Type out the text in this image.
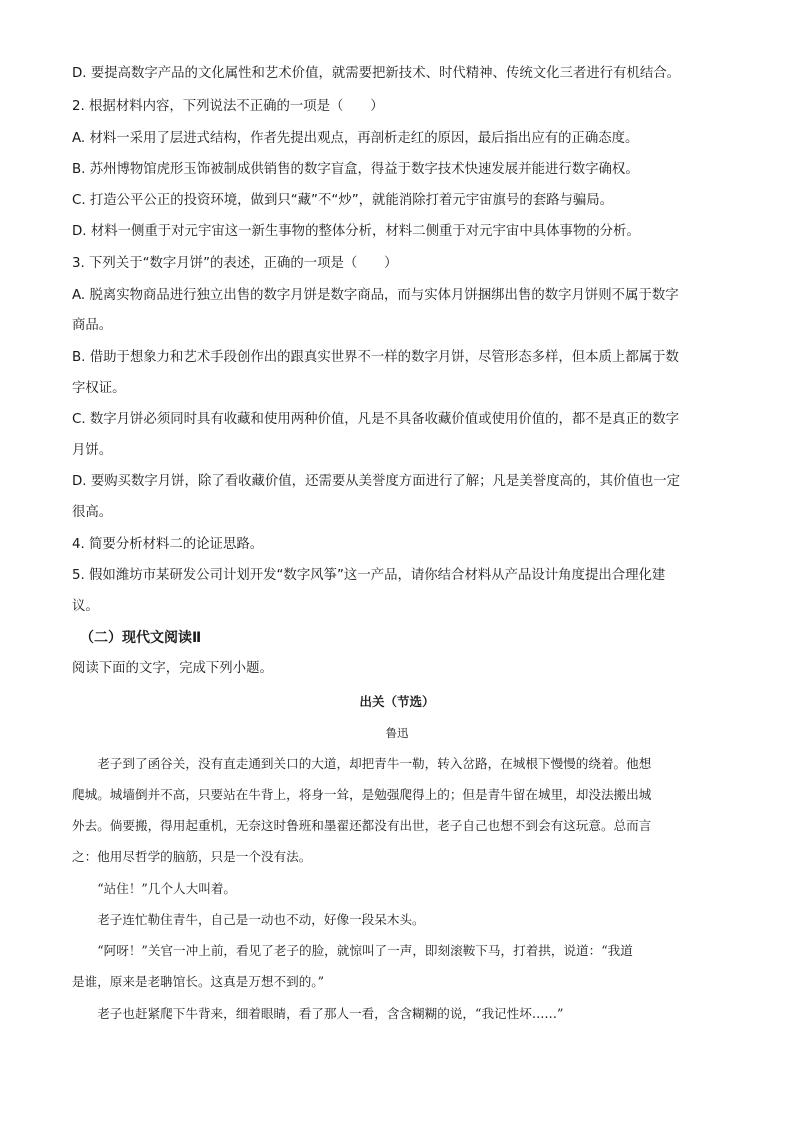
D. 要提高数字产品的文化属性和艺术价值，就需要把新技术、时代精神、传统文化三者进行有机结合。
2. 根据材料内容，下列说法不正确的一项是（　　）
A. 材料一采用了层进式结构，作者先提出观点，再剖析走红的原因，最后指出应有的正确态度。
B. 苏州博物馆虎形玉饰被制成供销售的数字盲盒，得益于数字技术快速发展并能进行数字确权。
C. 打造公平公正的投资环境，做到只“藏”不“炒”，就能消除打着元宇宙旗号的套路与骗局。
D. 材料一侧重于对元宇宙这一新生事物的整体分析，材料二侧重于对元宇宙中具体事物的分析。
3. 下列关于“数字月饼”的表述，正确的一项是（　　）
A. 脱离实物商品进行独立出售的数字月饼是数字商品，而与实体月饼捆绑出售的数字月饼则不属于数字
商品。
B. 借助于想象力和艺术手段创作出的跟真实世界不一样的数字月饼，尽管形态多样，但本质上都属于数
字权证。
C. 数字月饼必须同时具有收藏和使用两种价值，凡是不具备收藏价值或使用价值的，都不是真正的数字
月饼。
D. 要购买数字月饼，除了看收藏价值，还需要从美誉度方面进行了解；凡是美誉度高的，其价值也一定
很高。
4. 简要分析材料二的论证思路。
5. 假如潍坊市某研发公司计划开发“数字风筝”这一产品，请你结合材料从产品设计角度提出合理化建
议。
（二）现代文阅读Ⅱ
阅读下面的文字，完成下列小题。
出关（节选）
鲁迅
　　老子到了函谷关，没有直走通到关口的大道，却把青牛一勒，转入岔路，在城根下慢慢的绕着。他想
爬城。城墙倒并不高，只要站在牛背上，将身一耸，是勉强爬得上的；但是青牛留在城里，却没法搬出城
外去。倘要搬，得用起重机，无奈这时鲁班和墨翟还都没有出世，老子自己也想不到会有这玩意。总而言
之：他用尽哲学的脑筋，只是一个没有法。
　　“站住！”几个人大叫着。
　　老子连忙勒住青牛，自己是一动也不动，好像一段呆木头。
　　“阿呀！”关官一冲上前，看见了老子的脸，就惊叫了一声，即刻滚鞍下马，打着拱，说道：“我道
是谁，原来是老聃馆长。这真是万想不到的。”
　　老子也赶紧爬下牛背来，细着眼睛，看了那人一看，含含糊糊的说，“我记性坏……”
